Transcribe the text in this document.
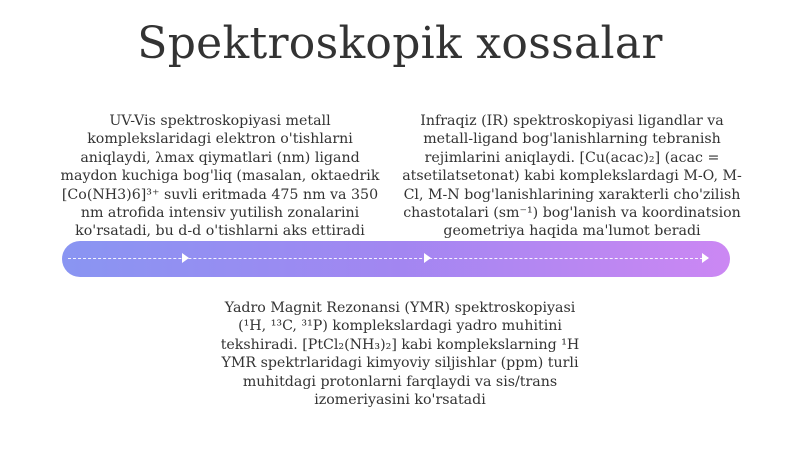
Spektroskopik xossalar

UV-Vis spektroskopiyasi metall komplekslaridagi elektron o'tishlarni aniqlaydi, λmax qiymatlari (nm) ligand maydon kuchiga bog'liq (masalan, oktaedrik [Co(NH3)6]³⁺ suvli eritmada 475 nm va 350 nm atrofida intensiv yutilish zonalarini ko'rsatadi, bu d-d o'tishlarni aks ettiradi

Infraqiz (IR) spektroskopiyasi ligandlar va metall-ligand bog'lanishlarning tebranish rejimlarini aniqlaydi. [Cu(acac)₂] (acac = atsetilatsetonat) kabi komplekslardagi M-O, M-Cl, M-N bog'lanishlarining xarakterli cho'zilish chastotalari (sm⁻¹) bog'lanish va koordinatsion geometriya haqida ma'lumot beradi

Yadro Magnit Rezonansi (YMR) spektroskopiyasi (¹H, ¹³C, ³¹P) komplekslardagi yadro muhitini tekshiradi. [PtCl₂(NH₃)₂] kabi komplekslarning ¹H YMR spektrlaridagi kimyoviy siljishlar (ppm) turli muhitdagi protonlarni farqlaydi va sis/trans izomeriyasini ko'rsatadi
